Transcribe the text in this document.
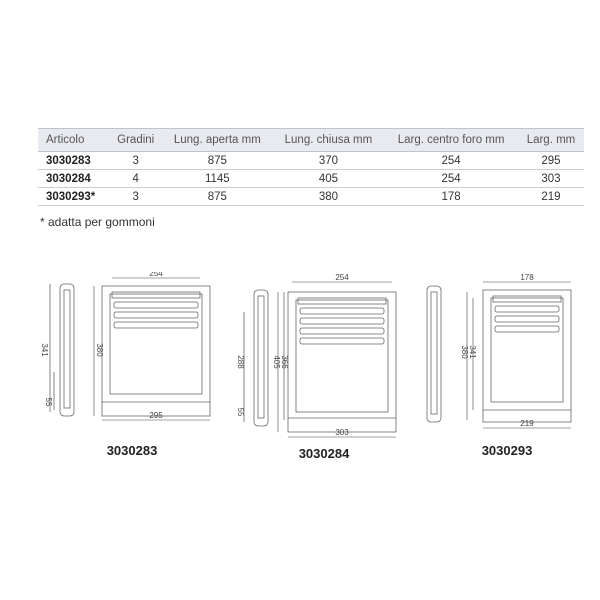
Articolo	Gradini	Lung. aperta mm	Lung. chiusa mm	Larg. centro foro mm	Larg. mm
3030283	3	875	370	254	295
3030284	4	1145	405	254	303
3030293*	3	875	380	178	219
* adatta per gommoni
254
295
380
341
55
3030283
254
303
405 366
288
55
3030284
178
219
380 341
3030293
